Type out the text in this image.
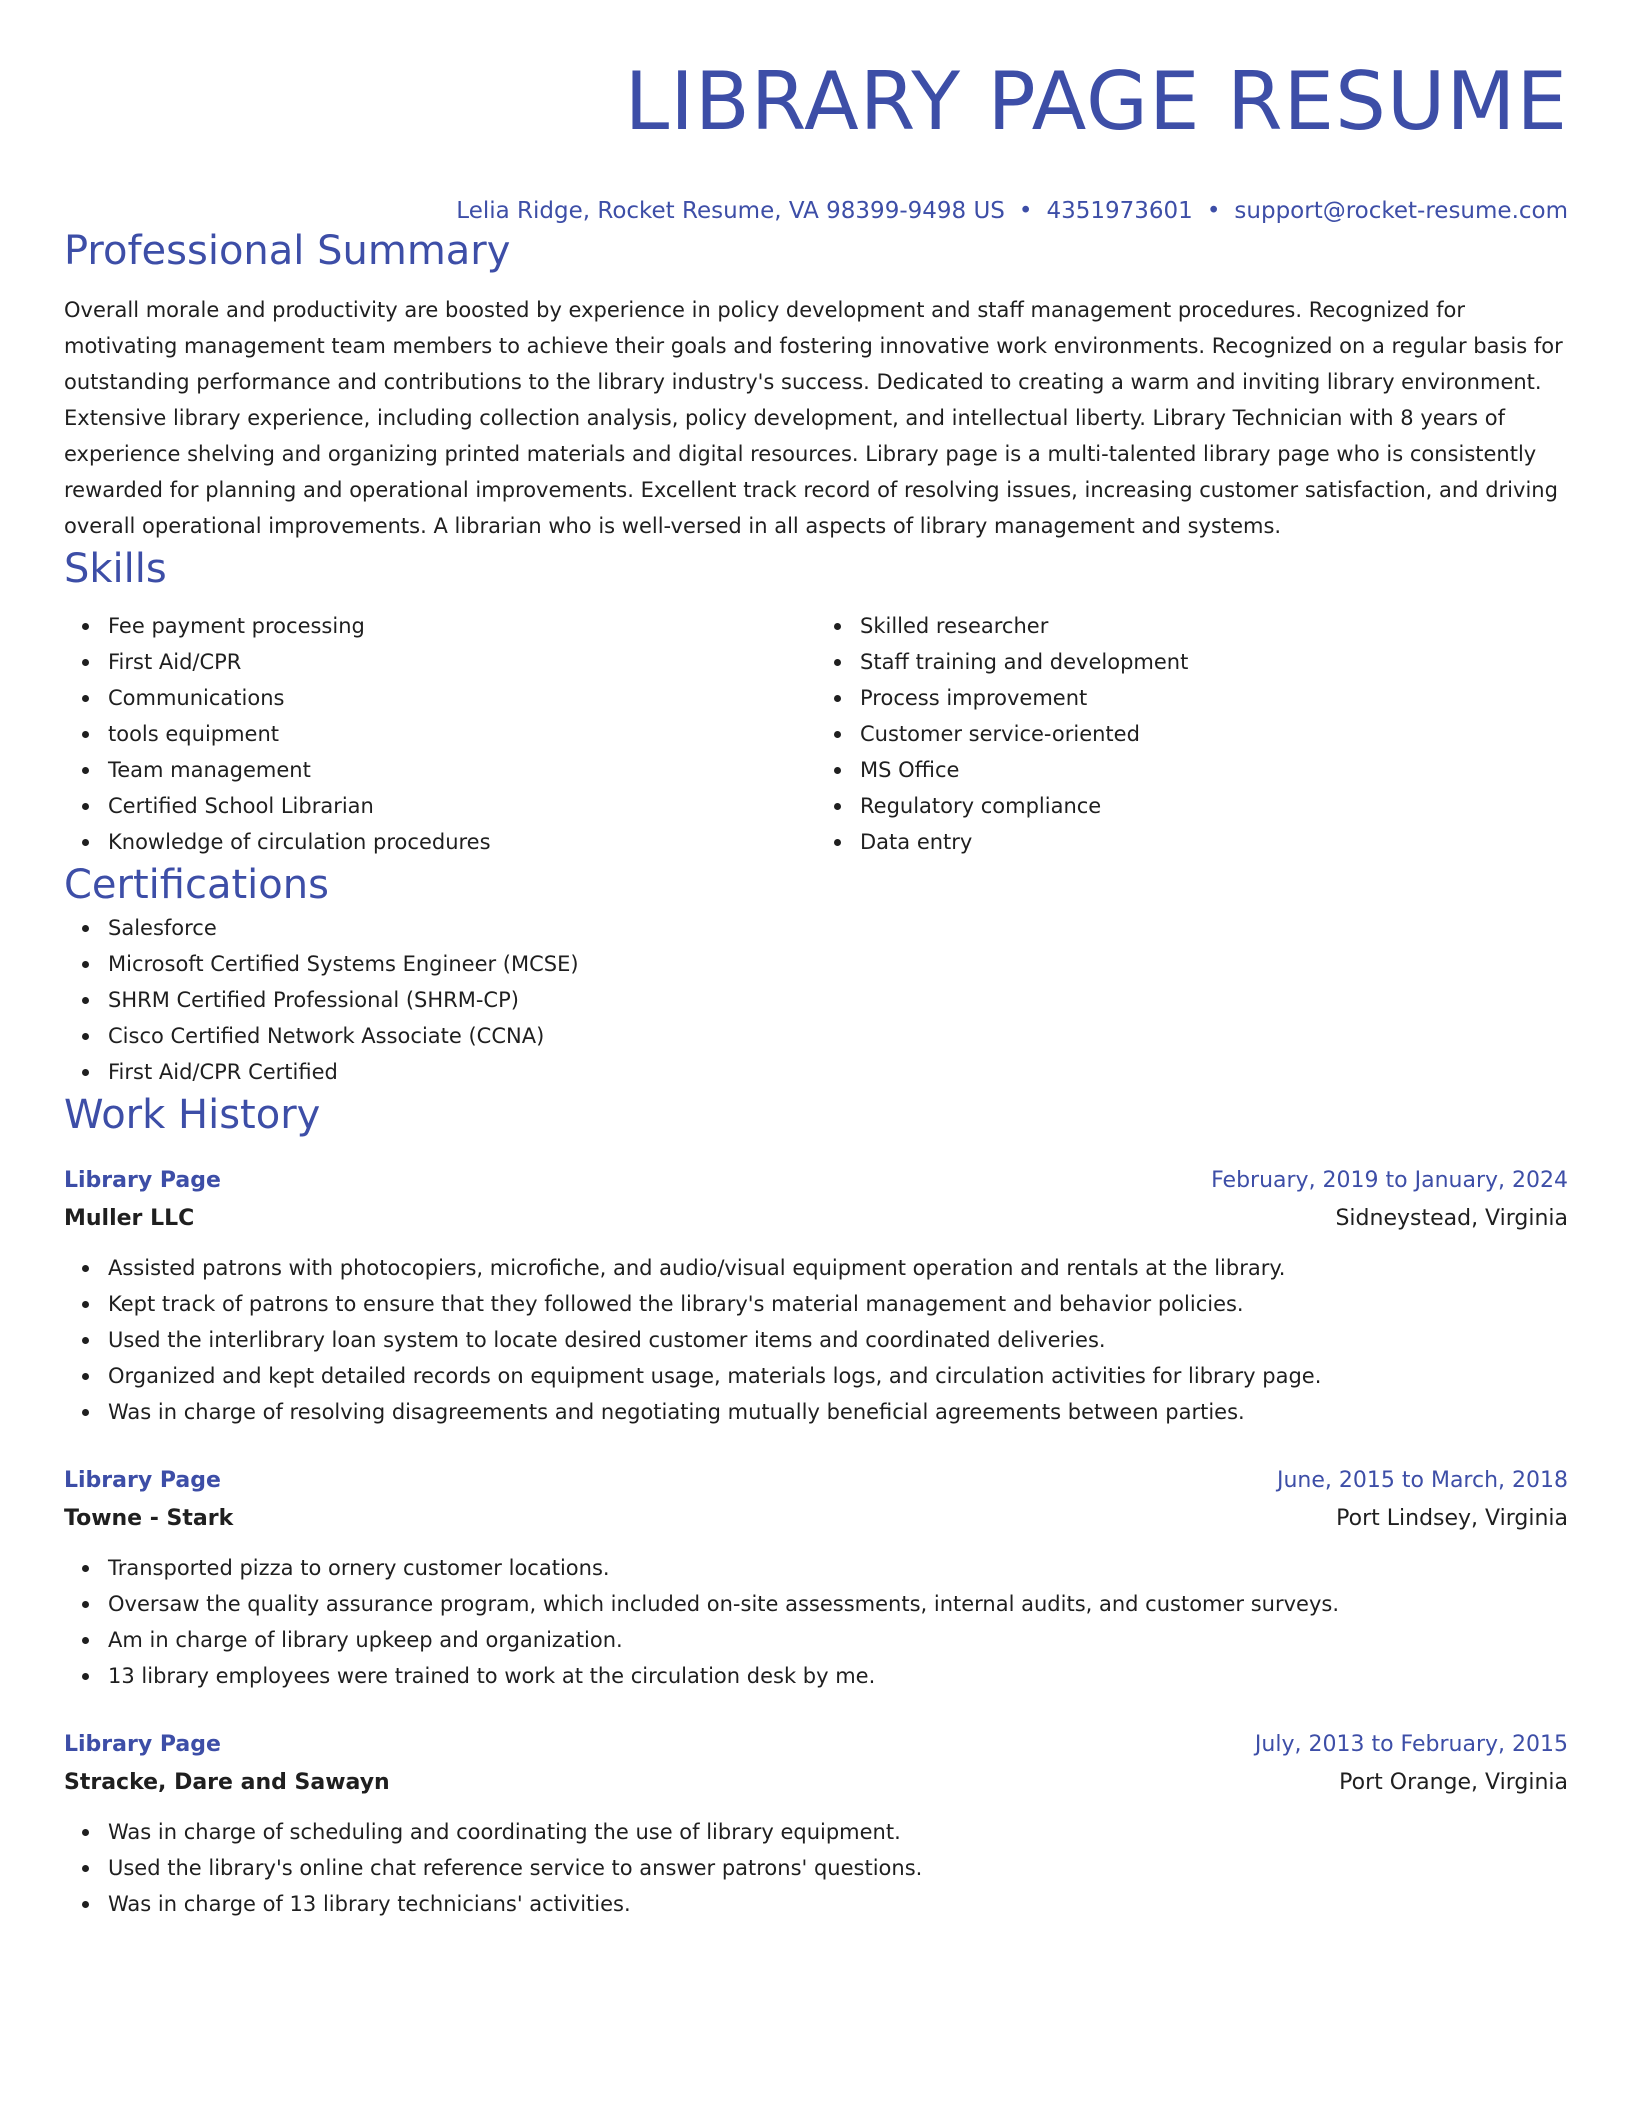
LIBRARY PAGE RESUME
Lelia Ridge, Rocket Resume, VA 98399-9498 US • 4351973601 • support@rocket-resume.com
Professional Summary
Overall morale and productivity are boosted by experience in policy development and staff management procedures. Recognized for motivating management team members to achieve their goals and fostering innovative work environments. Recognized on a regular basis for outstanding performance and contributions to the library industry's success. Dedicated to creating a warm and inviting library environment. Extensive library experience, including collection analysis, policy development, and intellectual liberty. Library Technician with 8 years of experience shelving and organizing printed materials and digital resources. Library page is a multi-talented library page who is consistently rewarded for planning and operational improvements. Excellent track record of resolving issues, increasing customer satisfaction, and driving overall operational improvements. A librarian who is well-versed in all aspects of library management and systems.
Skills
Fee payment processing
First Aid/CPR
Communications
tools equipment
Team management
Certified School Librarian
Knowledge of circulation procedures
Skilled researcher
Staff training and development
Process improvement
Customer service-oriented
MS Office
Regulatory compliance
Data entry
Certifications
Salesforce
Microsoft Certified Systems Engineer (MCSE)
SHRM Certified Professional (SHRM-CP)
Cisco Certified Network Associate (CCNA)
First Aid/CPR Certified
Work History
Library Page	February, 2019 to January, 2024
Muller LLC	Sidneystead, Virginia
Assisted patrons with photocopiers, microfiche, and audio/visual equipment operation and rentals at the library.
Kept track of patrons to ensure that they followed the library's material management and behavior policies.
Used the interlibrary loan system to locate desired customer items and coordinated deliveries.
Organized and kept detailed records on equipment usage, materials logs, and circulation activities for library page.
Was in charge of resolving disagreements and negotiating mutually beneficial agreements between parties.
Library Page	June, 2015 to March, 2018
Towne - Stark	Port Lindsey, Virginia
Transported pizza to ornery customer locations.
Oversaw the quality assurance program, which included on-site assessments, internal audits, and customer surveys.
Am in charge of library upkeep and organization.
13 library employees were trained to work at the circulation desk by me.
Library Page	July, 2013 to February, 2015
Stracke, Dare and Sawayn	Port Orange, Virginia
Was in charge of scheduling and coordinating the use of library equipment.
Used the library's online chat reference service to answer patrons' questions.
Was in charge of 13 library technicians' activities.
